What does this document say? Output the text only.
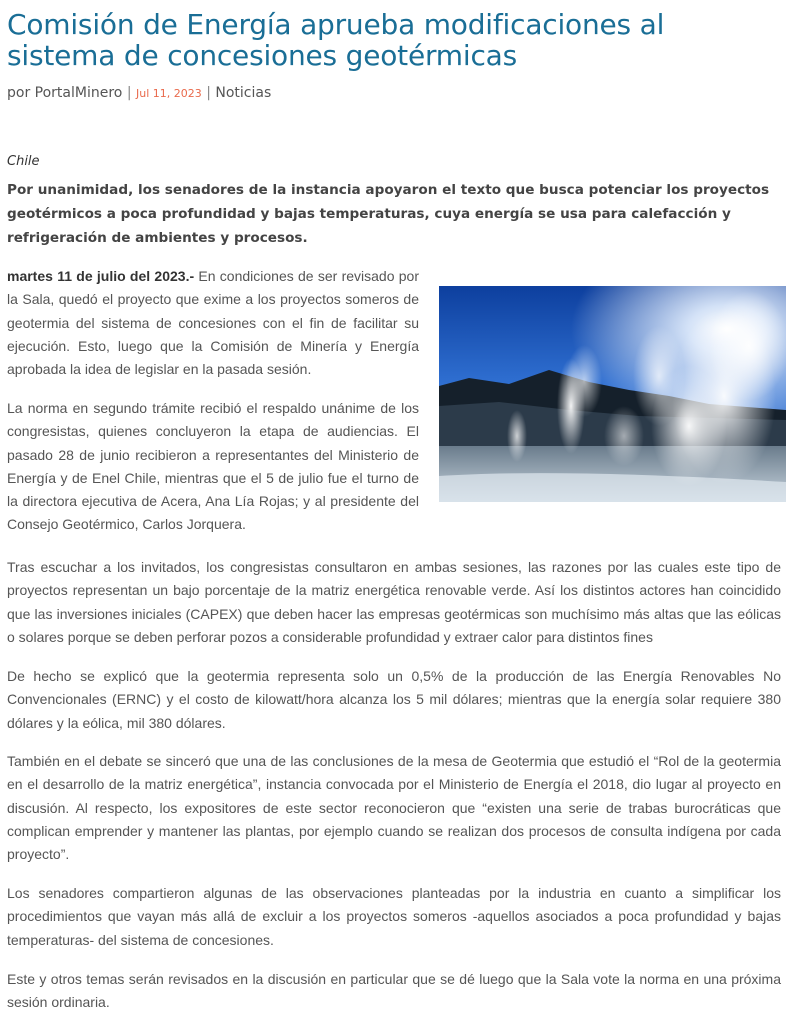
Comisión de Energía aprueba modificaciones al sistema de concesiones geotérmicas
por PortalMinero | Jul 11, 2023 | Noticias
Chile

Por unanimidad, los senadores de la instancia apoyaron el texto que busca potenciar los proyectos geotérmicos a poca profundidad y bajas temperaturas, cuya energía se usa para calefacción y refrigeración de ambientes y procesos.

martes 11 de julio del 2023.- En condiciones de ser revisado por la Sala, quedó el proyecto que exime a los proyectos someros de geotermia del sistema de concesiones con el fin de facilitar su ejecución. Esto, luego que la Comisión de Minería y Energía aprobada la idea de legislar en la pasada sesión.

La norma en segundo trámite recibió el respaldo unánime de los congresistas, quienes concluyeron la etapa de audiencias. El pasado 28 de junio recibieron a representantes del Ministerio de Energía y de Enel Chile, mientras que el 5 de julio fue el turno de la directora ejecutiva de Acera, Ana Lía Rojas; y al presidente del Consejo Geotérmico, Carlos Jorquera.

Tras escuchar a los invitados, los congresistas consultaron en ambas sesiones, las razones por las cuales este tipo de proyectos representan un bajo porcentaje de la matriz energética renovable verde. Así los distintos actores han coincidido que las inversiones iniciales (CAPEX) que deben hacer las empresas geotérmicas son muchísimo más altas que las eólicas o solares porque se deben perforar pozos a considerable profundidad y extraer calor para distintos fines

De hecho se explicó que la geotermia representa solo un 0,5% de la producción de las Energía Renovables No Convencionales (ERNC) y el costo de kilowatt/hora alcanza los 5 mil dólares; mientras que la energía solar requiere 380 dólares y la eólica, mil 380 dólares.

También en el debate se sinceró que una de las conclusiones de la mesa de Geotermia que estudió el “Rol de la geotermia en el desarrollo de la matriz energética”, instancia convocada por el Ministerio de Energía el 2018, dio lugar al proyecto en discusión. Al respecto, los expositores de este sector reconocieron que “existen una serie de trabas burocráticas que complican emprender y mantener las plantas, por ejemplo cuando se realizan dos procesos de consulta indígena por cada proyecto”.

Los senadores compartieron algunas de las observaciones planteadas por la industria en cuanto a simplificar los procedimientos que vayan más allá de excluir a los proyectos someros -aquellos asociados a poca profundidad y bajas temperaturas- del sistema de concesiones.

Este y otros temas serán revisados en la discusión en particular que se dé luego que la Sala vote la norma en una próxima sesión ordinaria.
